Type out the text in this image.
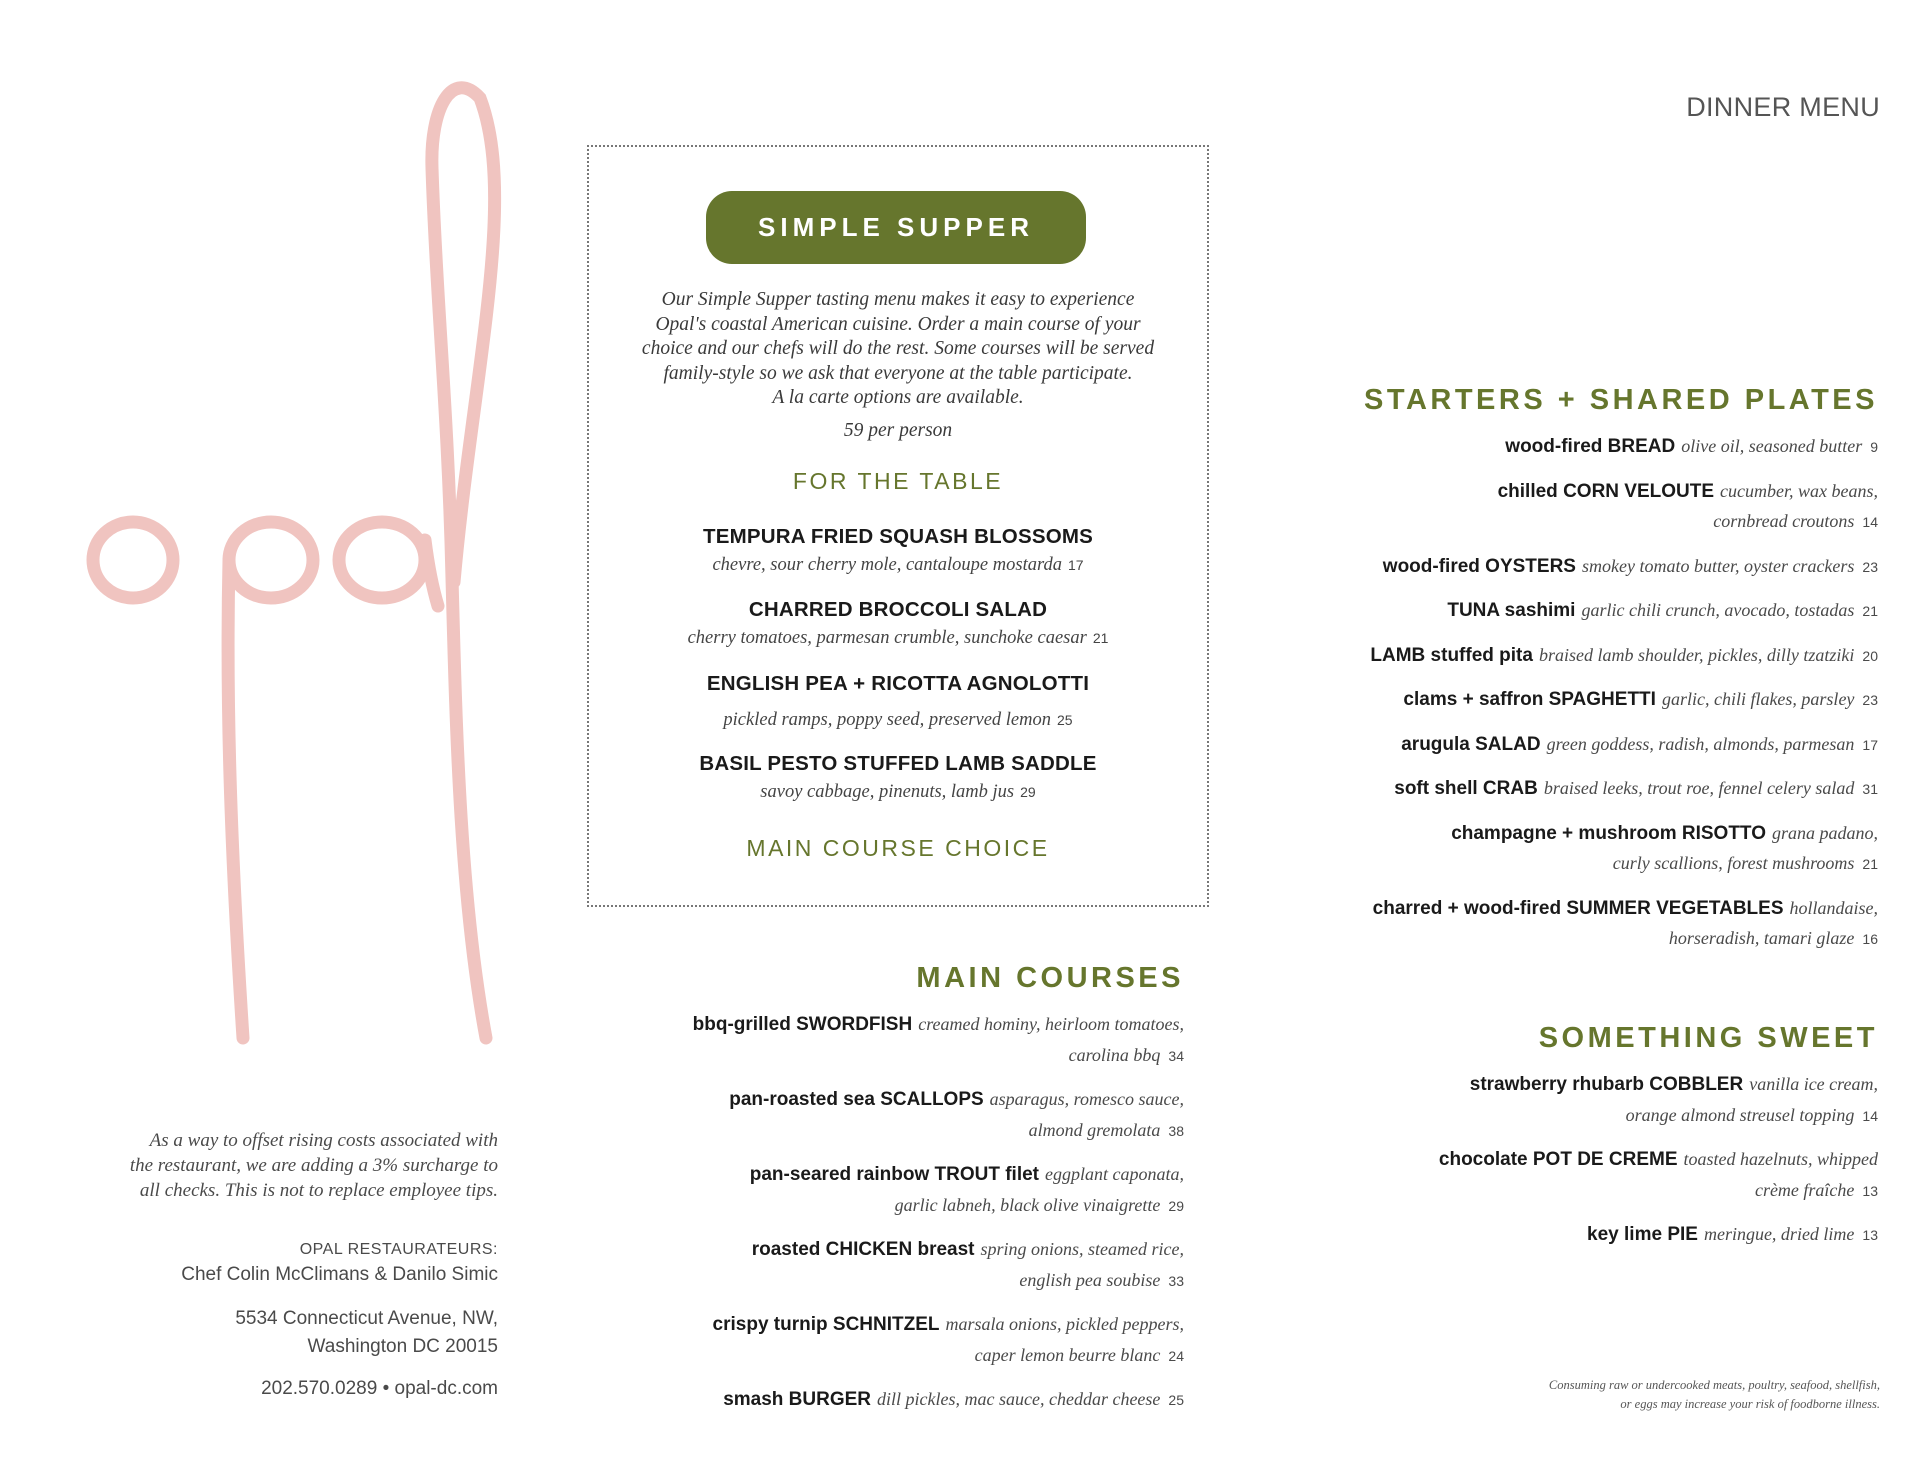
As a way to offset rising costs associated with
the restaurant, we are adding a 3% surcharge to
all checks. This is not to replace employee tips.
OPAL RESTAURATEURS:
Chef Colin McClimans & Danilo Simic
5534 Connecticut Avenue, NW,
Washington DC 20015
202.570.0289 • opal-dc.com
SIMPLE SUPPER
Our Simple Supper tasting menu makes it easy to experience
Opal's coastal American cuisine. Order a main course of your
choice and our chefs will do the rest. Some courses will be served
family-style so we ask that everyone at the table participate.
A la carte options are available.
59 per person
FOR THE TABLE
TEMPURA FRIED SQUASH BLOSSOMS
chevre, sour cherry mole, cantaloupe mostarda 17
CHARRED BROCCOLI SALAD
cherry tomatoes, parmesan crumble, sunchoke caesar 21
ENGLISH PEA + RICOTTA AGNOLOTTI
pickled ramps, poppy seed, preserved lemon 25
BASIL PESTO STUFFED LAMB SADDLE
savoy cabbage, pinenuts, lamb jus 29
MAIN COURSE CHOICE
MAIN COURSES
bbq-grilled SWORDFISH creamed hominy, heirloom tomatoes,
carolina bbq 34
pan-roasted sea SCALLOPS asparagus, romesco sauce,
almond gremolata 38
pan-seared rainbow TROUT filet eggplant caponata,
garlic labneh, black olive vinaigrette 29
roasted CHICKEN breast spring onions, steamed rice,
english pea soubise 33
crispy turnip SCHNITZEL marsala onions, pickled peppers,
caper lemon beurre blanc 24
smash BURGER dill pickles, mac sauce, cheddar cheese 25
DINNER MENU
STARTERS + SHARED PLATES
wood-fired BREAD olive oil, seasoned butter 9
chilled CORN VELOUTE cucumber, wax beans,
cornbread croutons 14
wood-fired OYSTERS smokey tomato butter, oyster crackers 23
TUNA sashimi garlic chili crunch, avocado, tostadas 21
LAMB stuffed pita braised lamb shoulder, pickles, dilly tzatziki 20
clams + saffron SPAGHETTI garlic, chili flakes, parsley 23
arugula SALAD green goddess, radish, almonds, parmesan 17
soft shell CRAB braised leeks, trout roe, fennel celery salad 31
champagne + mushroom RISOTTO grana padano,
curly scallions, forest mushrooms 21
charred + wood-fired SUMMER VEGETABLES hollandaise,
horseradish, tamari glaze 16
SOMETHING SWEET
strawberry rhubarb COBBLER vanilla ice cream,
orange almond streusel topping 14
chocolate POT DE CREME toasted hazelnuts, whipped
crème fraîche 13
key lime PIE meringue, dried lime 13
Consuming raw or undercooked meats, poultry, seafood, shellfish,
or eggs may increase your risk of foodborne illness.
